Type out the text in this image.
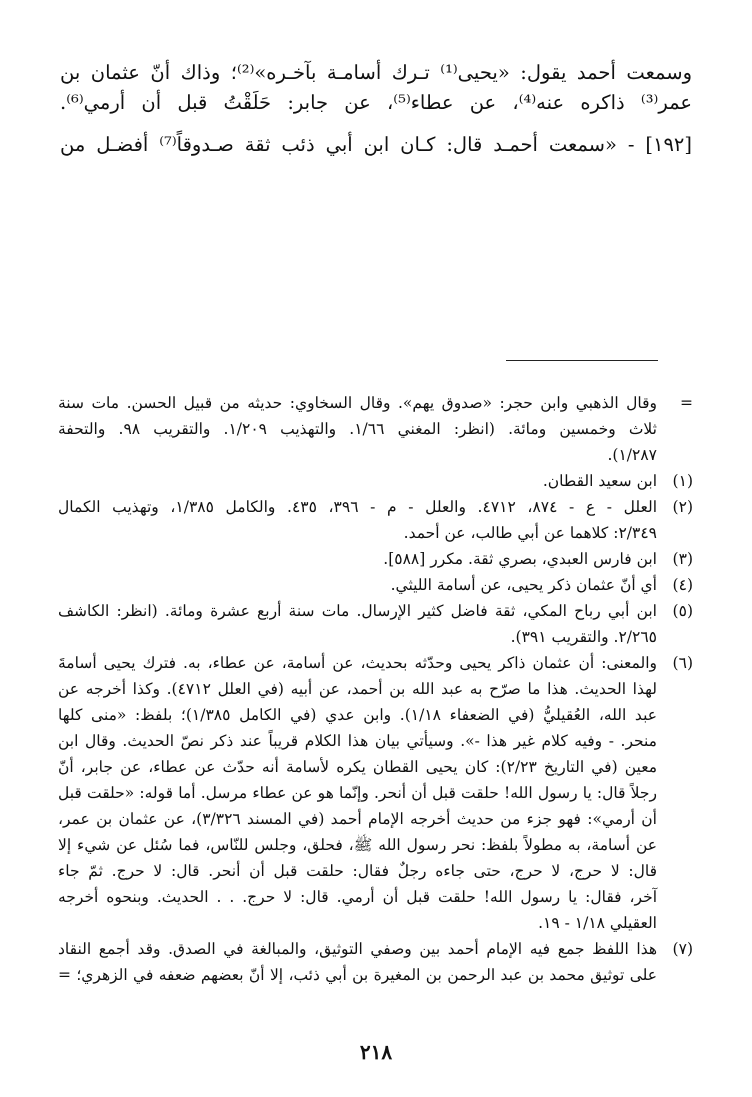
وسمعت أحمد يقول: «يحيى⁽¹⁾ تـرك أسامـة بآخـره»⁽²⁾؛ وذاك أنّ عثمان بن
عمر⁽³⁾ ذاكره عنه⁽⁴⁾، عن عطاء⁽⁵⁾، عن جابر: حَلَقْتُ قبل أن أرمي⁽⁶⁾.
[١٩٢] - «سمعت أحمـد قال: كـان ابن أبي ذئب ثقة صـدوقاً⁽⁷⁾ أفضـل من
=
وقال الذهبي وابن حجر: «صدوق يهم». وقال السخاوي: حديثه من قبيل الحسن. مات سنة
ثلاث وخمسين ومائة. (انظر: المغني ١/٦٦. والتهذيب ١/٢٠٩. والتقريب ٩٨. والتحفة
١/٢٨٧).
(١)
ابن سعيد القطان.
(٢)
العلل - ع - ٨٧٤، ٤٧١٢. والعلل - م - ٣٩٦، ٤٣٥. والكامل ١/٣٨٥، وتهذيب الكمال
٢/٣٤٩: كلاهما عن أبي طالب، عن أحمد.
(٣)
ابن فارس العبدي، بصري ثقة. مكرر [٥٨٨].
(٤)
أي أنّ عثمان ذكر يحيى، عن أسامة الليثي.
(٥)
ابن أبي رباح المكي، ثقة فاضل كثير الإرسال. مات سنة أربع عشرة ومائة. (انظر: الكاشف
٢/٢٦٥. والتقريب ٣٩١).
(٦)
والمعنى: أن عثمان ذاكر يحيى وحدّثه بحديث، عن أسامة، عن عطاء، به. فترك يحيى أسامةَ
لهذا الحديث. هذا ما صرّح به عبد الله بن أحمد، عن أبيه (في العلل ٤٧١٢). وكذا أخرجه عن
عبد الله، العُقيليُّ (في الضعفاء ١/١٨). وابن عدي (في الكامل ١/٣٨٥)؛ بلفظ: «منى كلها
منحر. - وفيه كلام غير هذا -». وسيأتي بيان هذا الكلام قريباً عند ذكر نصّ الحديث. وقال ابن
معين (في التاريخ ٢/٢٣): كان يحيى القطان يكره لأسامة أنه حدّث عن عطاء، عن جابر، أنّ
رجلاً قال: يا رسول الله! حلقت قبل أن أنحر. وإنّما هو عن عطاء مرسل. أما قوله: «حلقت قبل
أن أرمي»: فهو جزء من حديث أخرجه الإمام أحمد (في المسند ٣/٣٢٦)، عن عثمان بن عمر،
عن أسامة، به مطولاً بلفظ: نحر رسول الله ﷺ، فحلق، وجلس للنّاس، فما سُئل عن شيء إلا
قال: لا حرج، لا حرج، حتى جاءه رجلٌ فقال: حلقت قبل أن أنحر. قال: لا حرج. ثمّ جاء
آخر، فقال: يا رسول الله! حلقت قبل أن أرمي. قال: لا حرج. . . الحديث. وبنحوه أخرجه
العقيلي ١/١٨ - ١٩.
(٧)
هذا اللفظ جمع فيه الإمام أحمد بين وصفي التوثيق، والمبالغة في الصدق. وقد أجمع النقاد
على توثيق محمد بن عبد الرحمن بن المغيرة بن أبي ذئب، إلا أنّ بعضهم ضعفه في الزهري؛ =
٢١٨
